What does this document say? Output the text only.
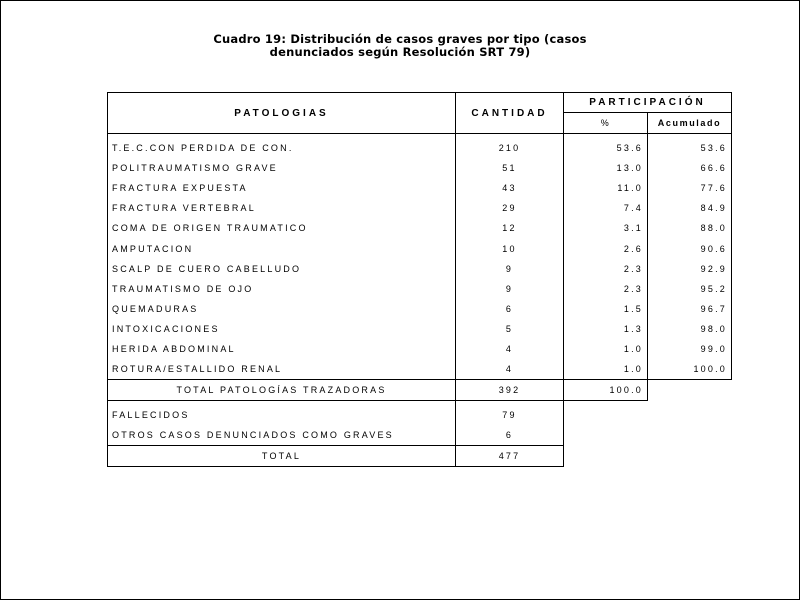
Cuadro 19: Distribución de casos graves por tipo (casos
denunciados según Resolución SRT 79)
PATOLOGIAS	CANTIDAD	PARTICIPACIÓN	
		%	Acumulado
T.E.C.CON PERDIDA DE CON.	210	53.6	53.6
POLITRAUMATISMO GRAVE	51	13.0	66.6
FRACTURA EXPUESTA	43	11.0	77.6
FRACTURA VERTEBRAL	29	7.4	84.9
COMA DE ORIGEN TRAUMATICO	12	3.1	88.0
AMPUTACION	10	2.6	90.6
SCALP DE CUERO CABELLUDO	9	2.3	92.9
TRAUMATISMO DE OJO	9	2.3	95.2
QUEMADURAS	6	1.5	96.7
INTOXICACIONES	5	1.3	98.0
HERIDA ABDOMINAL	4	1.0	99.0
ROTURA/ESTALLIDO RENAL	4	1.0	100.0
TOTAL PATOLOGÍAS TRAZADORAS	392	100.0	
FALLECIDOS	79		
OTROS CASOS DENUNCIADOS COMO GRAVES	6		
TOTAL	477		
